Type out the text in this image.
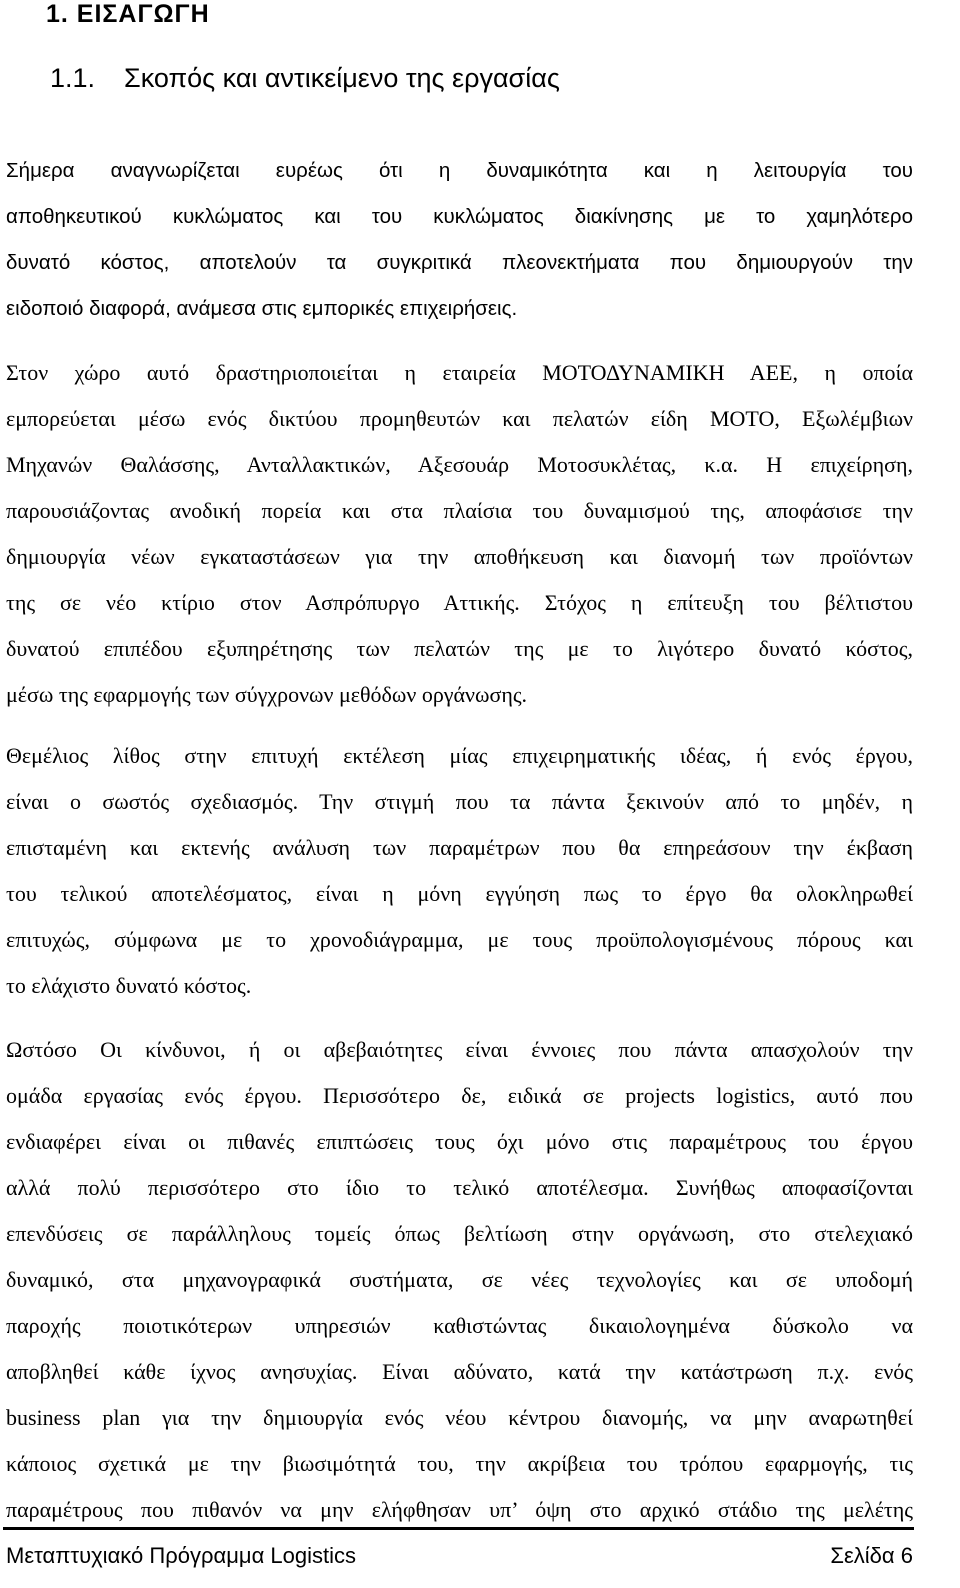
1. ΕΙΣΑΓΩΓΗ
1.1. Σκοπός και αντικείμενο της εργασίας
Σήμερα αναγνωρίζεται ευρέως ότι η δυναμικότητα και η λειτουργία του
αποθηκευτικού κυκλώματος και του κυκλώματος διακίνησης με το χαμηλότερο
δυνατό κόστος, αποτελούν τα συγκριτικά πλεονεκτήματα που δημιουργούν την
ειδοποιό διαφορά, ανάμεσα στις εμπορικές επιχειρήσεις.
Στον χώρο αυτό δραστηριοποιείται η εταιρεία ΜΟΤΟΔΥΝΑΜΙΚΗ ΑΕΕ, η οποία
εμπορεύεται μέσω ενός δικτύου προμηθευτών και πελατών είδη ΜΟΤΟ, Εξωλέμβιων
Μηχανών Θαλάσσης, Ανταλλακτικών, Αξεσουάρ Μοτοσυκλέτας, κ.α. Η επιχείρηση,
παρουσιάζοντας ανοδική πορεία και στα πλαίσια του δυναμισμού της, αποφάσισε την
δημιουργία νέων εγκαταστάσεων για την αποθήκευση και διανομή των προϊόντων
της σε νέο κτίριο στον Ασπρόπυργο Αττικής. Στόχος η επίτευξη του βέλτιστου
δυνατού επιπέδου εξυπηρέτησης των πελατών της με το λιγότερο δυνατό κόστος,
μέσω της εφαρμογής των σύγχρονων μεθόδων οργάνωσης.
Θεμέλιος λίθος στην επιτυχή εκτέλεση μίας επιχειρηματικής ιδέας, ή ενός έργου,
είναι ο σωστός σχεδιασμός. Την στιγμή που τα πάντα ξεκινούν από το μηδέν, η
επισταμένη και εκτενής ανάλυση των παραμέτρων που θα επηρεάσουν την έκβαση
του τελικού αποτελέσματος, είναι η μόνη εγγύηση πως το έργο θα ολοκληρωθεί
επιτυχώς, σύμφωνα με το χρονοδιάγραμμα, με τους προϋπολογισμένους πόρους και
το ελάχιστο δυνατό κόστος.
Ωστόσο Οι κίνδυνοι, ή οι αβεβαιότητες είναι έννοιες που πάντα απασχολούν την
ομάδα εργασίας ενός έργου. Περισσότερο δε, ειδικά σε projects logistics, αυτό που
ενδιαφέρει είναι οι πιθανές επιπτώσεις τους όχι μόνο στις παραμέτρους του έργου
αλλά πολύ περισσότερο στο ίδιο το τελικό αποτέλεσμα. Συνήθως αποφασίζονται
επενδύσεις σε παράλληλους τομείς όπως βελτίωση στην οργάνωση, στο στελεχιακό
δυναμικό, στα μηχανογραφικά συστήματα, σε νέες τεχνολογίες και σε υποδομή
παροχής ποιοτικότερων υπηρεσιών καθιστώντας δικαιολογημένα δύσκολο να
αποβληθεί κάθε ίχνος ανησυχίας. Είναι αδύνατο, κατά την κατάστρωση π.χ. ενός
business plan για την δημιουργία ενός νέου κέντρου διανομής, να μην αναρωτηθεί
κάποιος σχετικά με την βιωσιμότητά του, την ακρίβεια του τρόπου εφαρμογής, τις
παραμέτρους που πιθανόν να μην ελήφθησαν υπ’ όψη στο αρχικό στάδιο της μελέτης
Μεταπτυχιακό Πρόγραμμα Logistics	Σελίδα 6
